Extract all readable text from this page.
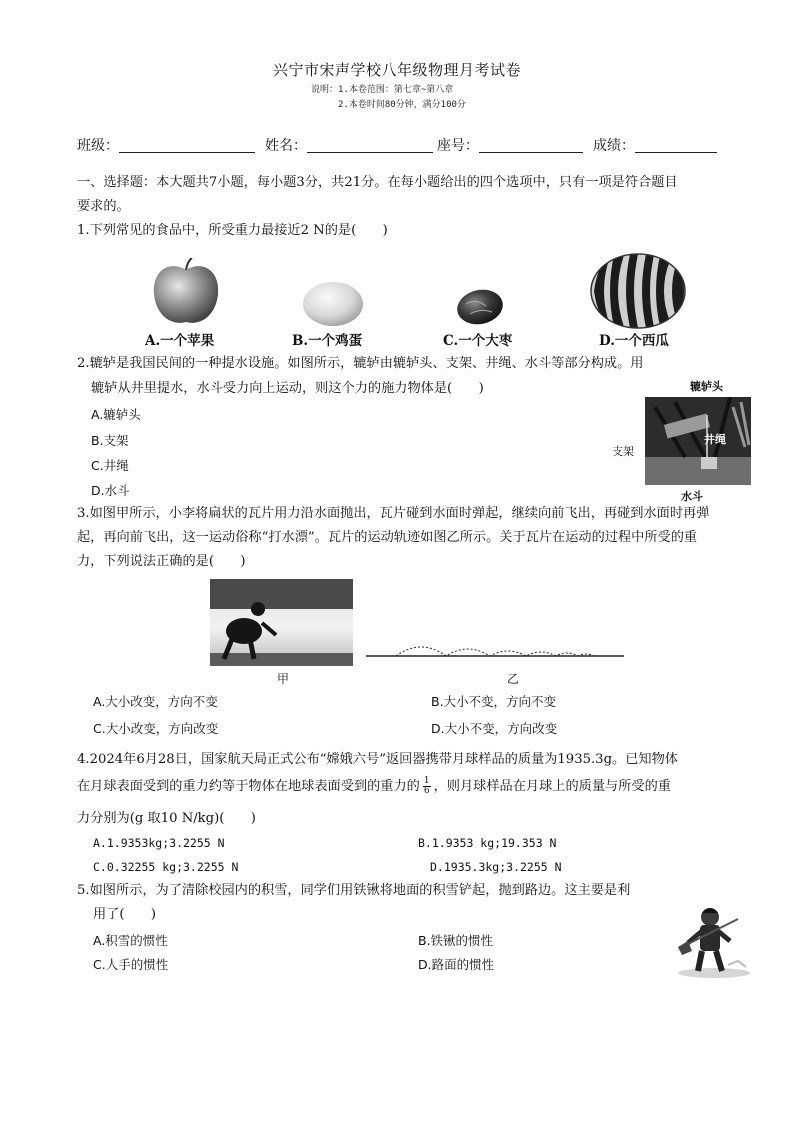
兴宁市宋声学校八年级物理月考试卷
说明：1.本卷范围：第七章~第八章
2.本卷时间80分钟，满分100分
班级：	姓名：	座号：	成绩：
一、选择题：本大题共7小题，每小题3分，共21分。在每小题给出的四个选项中，只有一项是符合题目
要求的。
1.下列常见的食品中，所受重力最接近2 N的是(　　)
A.一个苹果	B.一个鸡蛋	C.一个大枣	D.一个西瓜
2.辘轳是我国民间的一种提水设施。如图所示，辘轳由辘轳头、支架、井绳、水斗等部分构成。用
辘轳从井里提水，水斗受力向上运动，则这个力的施力物体是(　　)
A.辘轳头
B.支架
C.井绳
D.水斗
辘轳头
井绳
支架
水斗
3.如图甲所示，小李将扁状的瓦片用力沿水面抛出，瓦片碰到水面时弹起，继续向前飞出，再碰到水面时再弹
起，再向前飞出，这一运动俗称“打水漂”。瓦片的运动轨迹如图乙所示。关于瓦片在运动的过程中所受的重
力，下列说法正确的是(　　)
甲	乙
A.大小改变，方向不变	B.大小不变，方向不变
C.大小改变，方向改变	D.大小不变，方向改变
4.2024年6月28日，国家航天局正式公布“嫦娥六号”返回器携带月球样品的质量为1935.3g。已知物体
在月球表面受到的重力约等于物体在地球表面受到的重力的 $\frac{1}{6}$ ，则月球样品在月球上的质量与所受的重
力分别为(g 取10 N/kg)(　　)
A.1.9353kg;3.2255 N	B.1.9353 kg;19.353 N
C.0.32255 kg;3.2255 N	D.1935.3kg;3.2255 N
5.如图所示，为了清除校园内的积雪，同学们用铁锹将地面的积雪铲起，抛到路边。这主要是利
用了(　　)
A.积雪的惯性	B.铁锹的惯性
C.人手的惯性	D.路面的惯性
